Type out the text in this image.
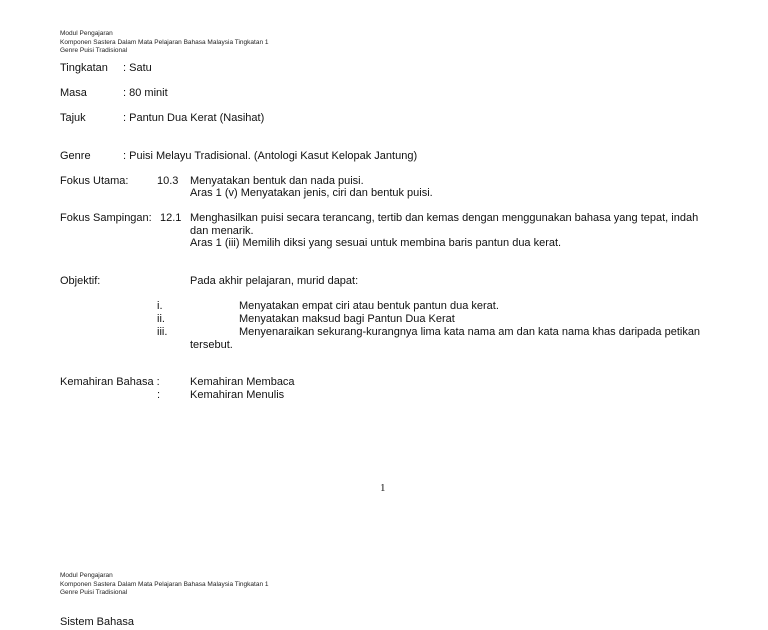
Modul Pengajaran
Komponen Sastera Dalam Mata Pelajaran Bahasa Malaysia Tingkatan 1
Genre Puisi Tradisional
Tingkatan : Satu
Masa	: 80 minit
Tajuk	: Pantun Dua Kerat (Nasihat)
Genre	: Puisi Melayu Tradisional. (Antologi Kasut Kelopak Jantung)
Fokus Utama:	10.3 Menyatakan bentuk dan nada puisi.
Aras 1 (v) Menyatakan jenis, ciri dan bentuk puisi.
Fokus Sampingan: 12.1 Menghasilkan puisi secara terancang, tertib dan kemas dengan menggunakan bahasa yang tepat, indah
dan menarik.
Aras 1 (iii) Memilih diksi yang sesuai untuk membina baris pantun dua kerat.
Objektif:	Pada akhir pelajaran, murid dapat:
i.	Menyatakan empat ciri atau bentuk pantun dua kerat.
ii.	Menyatakan maksud bagi Pantun Dua Kerat
iii.	Menyenaraikan sekurang-kurangnya lima kata nama am dan kata nama khas daripada petikan
tersebut.
Kemahiran Bahasa :	Kemahiran Membaca
:	Kemahiran Menulis
1
Modul Pengajaran
Komponen Sastera Dalam Mata Pelajaran Bahasa Malaysia Tingkatan 1
Genre Puisi Tradisional
Sistem Bahasa
